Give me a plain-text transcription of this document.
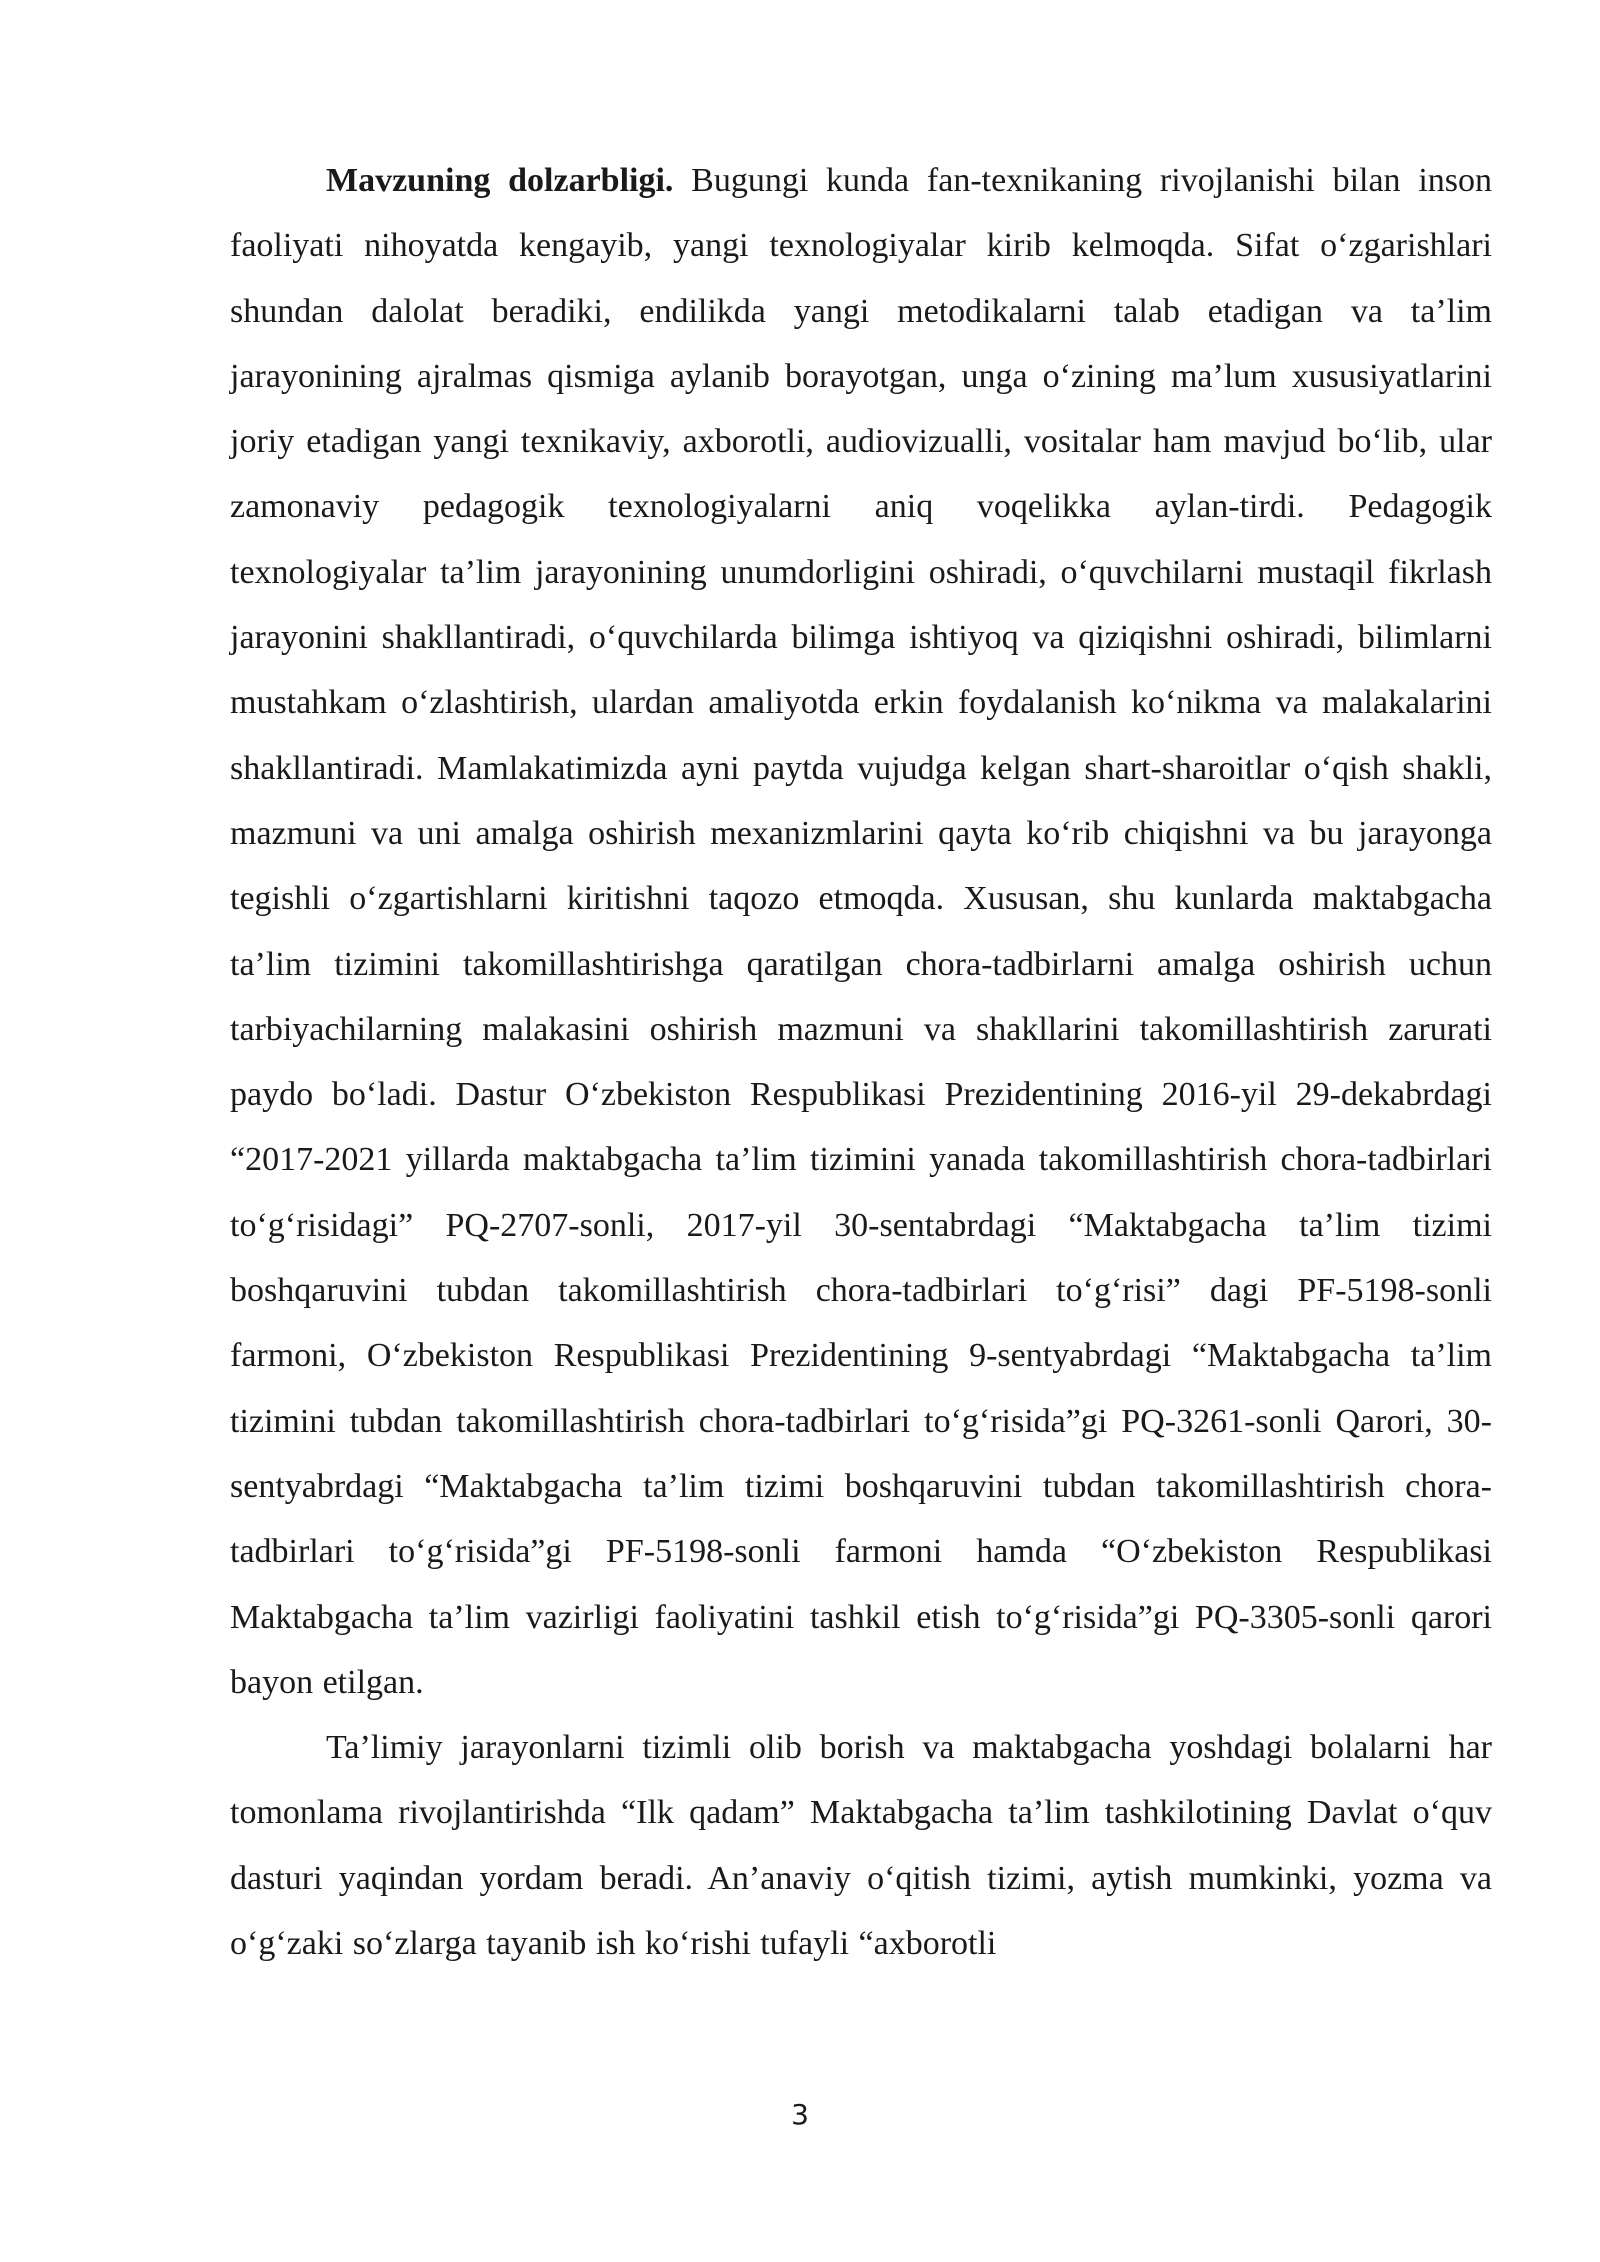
Mavzuning dolzarbligi. Bugungi kunda fan-texnikaning rivojlanishi bilan inson faoliyati nihoyatda kengayib, yangi texnologiyalar kirib kelmoqda. Sifat o‘zgarishlari shundan dalolat beradiki, endilikda yangi metodikalarni talab etadigan va ta’lim jarayonining ajralmas qismiga aylanib borayotgan, unga o‘zining ma’lum xususiyatlarini joriy etadigan yangi texnikaviy, axborotli, audiovizualli, vositalar ham mavjud bo‘lib, ular zamonaviy pedagogik texnologiyalarni aniq voqelikka aylan-tirdi. Pedagogik texnologiyalar ta’lim jarayonining unumdorligini oshiradi, o‘quvchilarni mustaqil fikrlash jarayonini shakllantiradi, o‘quvchilarda bilimga ishtiyoq va qiziqishni oshiradi, bilimlarni mustahkam o‘zlashtirish, ulardan amaliyotda erkin foydalanish ko‘nikma va malakalarini shakllantiradi. Mamlakatimizda ayni paytda vujudga kelgan shart-sharoitlar o‘qish shakli, mazmuni va uni amalga oshirish mexanizmlarini qayta ko‘rib chiqishni va bu jarayonga tegishli o‘zgartishlarni kiritishni taqozo etmoqda. Xususan, shu kunlarda maktabgacha ta’lim tizimini takomillashtirishga qaratilgan chora-tadbirlarni amalga oshirish uchun tarbiyachilarning malakasini oshirish mazmuni va shakllarini takomillashtirish zarurati paydo bo‘ladi. Dastur O‘zbekiston Respublikasi Prezidentining 2016-yil 29-dekabrdagi “2017-2021 yillarda maktabgacha ta’lim tizimini yanada takomillashtirish chora-tadbirlari to‘g‘risidagi” PQ-2707-sonli, 2017-yil 30-sentabrdagi “Maktabgacha ta’lim tizimi boshqaruvini tubdan takomillashtirish chora-tadbirlari to‘g‘risi” dagi PF-5198-sonli farmoni, O‘zbekiston Respublikasi Prezidentining 9-sentyabrdagi “Maktabgacha ta’lim tizimini tubdan takomillashtirish chora-tadbirlari to‘g‘risida”gi PQ-3261-sonli Qarori, 30-sentyabrdagi “Maktabgacha ta’lim tizimi boshqaruvini tubdan takomillashtirish chora-tadbirlari to‘g‘risida”gi PF-5198-sonli farmoni hamda “O‘zbekiston Respublikasi Maktabgacha ta’lim vazirligi faoliyatini tashkil etish to‘g‘risida”gi PQ-3305-sonli qarori bayon etilgan.

Ta’limiy jarayonlarni tizimli olib borish va maktabgacha yoshdagi bolalarni har tomonlama rivojlantirishda “Ilk qadam” Maktabgacha ta’lim tashkilotining Davlat o‘quv dasturi yaqindan yordam beradi. An’anaviy o‘qitish tizimi, aytish mumkinki, yozma va o‘g‘zaki so‘zlarga tayanib ish ko‘rishi tufayli “axborotli

3
